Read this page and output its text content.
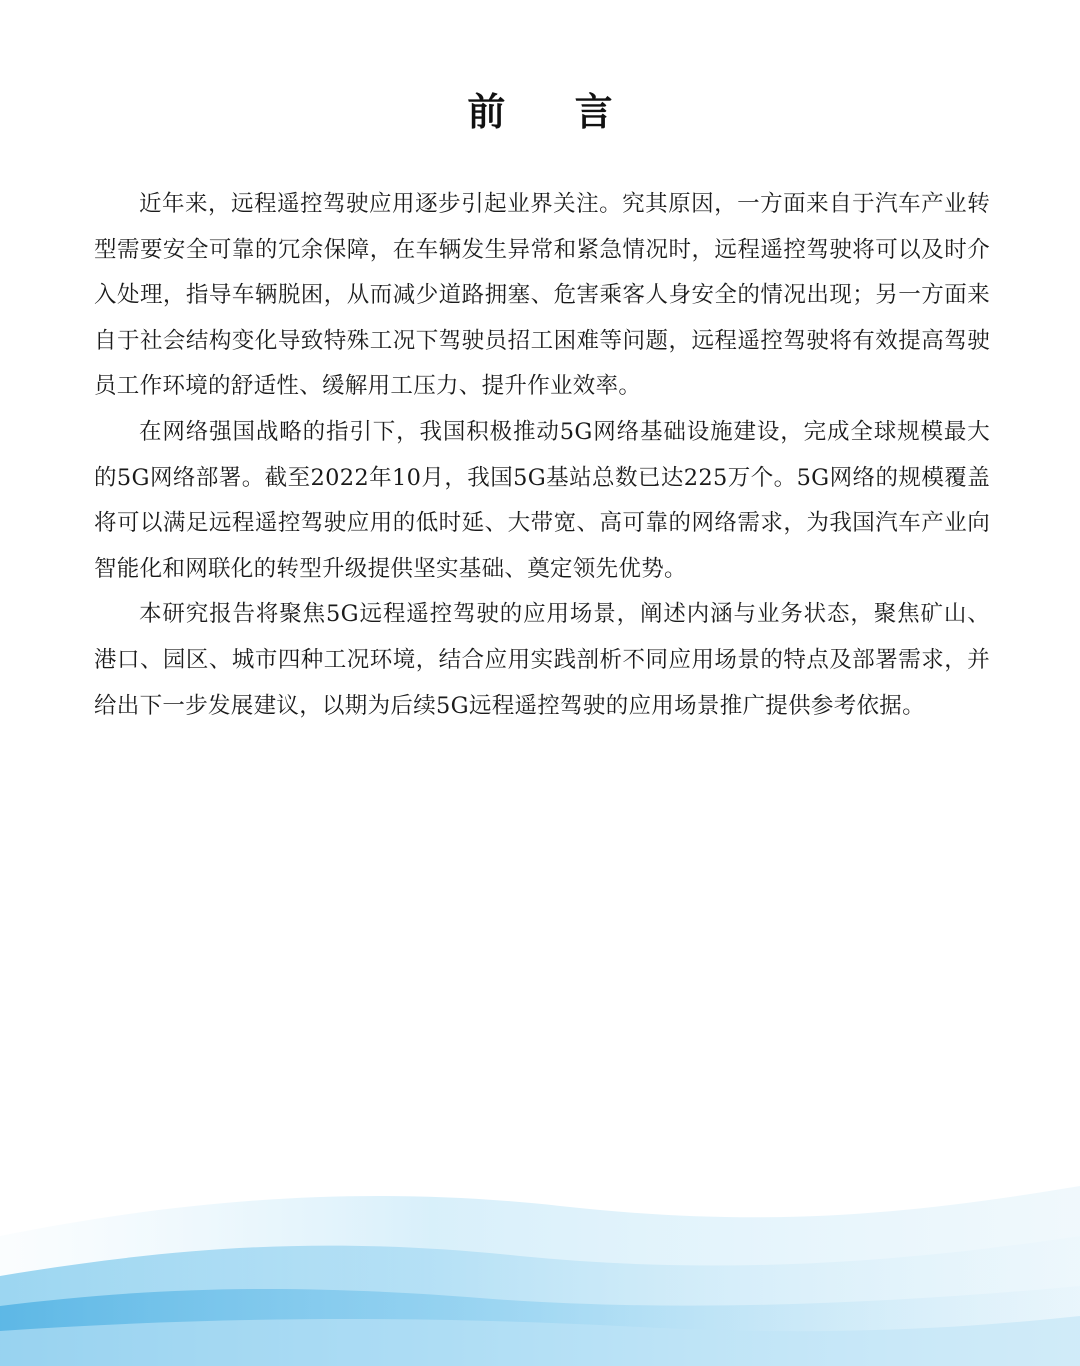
前 言

近年来，远程遥控驾驶应用逐步引起业界关注。究其原因，一方面来自于汽车产业转型需要安全可靠的冗余保障，在车辆发生异常和紧急情况时，远程遥控驾驶将可以及时介入处理，指导车辆脱困，从而减少道路拥塞、危害乘客人身安全的情况出现；另一方面来自于社会结构变化导致特殊工况下驾驶员招工困难等问题，远程遥控驾驶将有效提高驾驶员工作环境的舒适性、缓解用工压力、提升作业效率。

在网络强国战略的指引下，我国积极推动5G网络基础设施建设，完成全球规模最大的5G网络部署。截至2022年10月，我国5G基站总数已达225万个。5G网络的规模覆盖将可以满足远程遥控驾驶应用的低时延、大带宽、高可靠的网络需求，为我国汽车产业向智能化和网联化的转型升级提供坚实基础、奠定领先优势。

本研究报告将聚焦5G远程遥控驾驶的应用场景，阐述内涵与业务状态，聚焦矿山、港口、园区、城市四种工况环境，结合应用实践剖析不同应用场景的特点及部署需求，并给出下一步发展建议，以期为后续5G远程遥控驾驶的应用场景推广提供参考依据。
